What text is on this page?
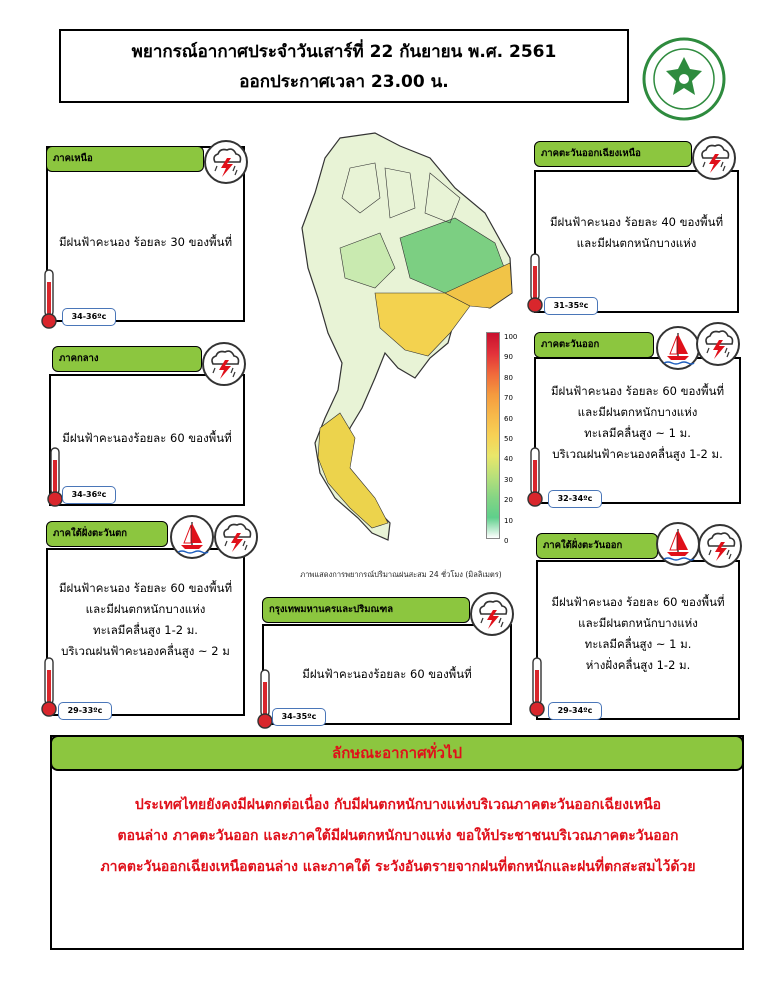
พยากรณ์อากาศประจำวันเสาร์ที่ 22 กันยายน พ.ศ. 2561
ออกประกาศเวลา 23.00 น.
100
90
80
70
60
50
40
30
20
10
0
ภาพแสดงการพยากรณ์ปริมาณฝนสะสม 24 ชั่วโมง (มิลลิเมตร)
มีฝนฟ้าคะนอง ร้อยละ 30 ของพื้นที่
ภาคเหนือ
มีฝนฟ้าคะนอง ร้อยละ 40 ของพื้นที่
และมีฝนตกหนักบางแห่ง
ภาคตะวันออกเฉียงเหนือ
มีฝนฟ้าคะนองร้อยละ 60 ของพื้นที่
ภาคกลาง
มีฝนฟ้าคะนอง ร้อยละ 60 ของพื้นที่
และมีฝนตกหนักบางแห่ง
ทะเลมีคลื่นสูง ~ 1 ม.
บริเวณฝนฟ้าคะนองคลื่นสูง 1-2 ม.
ภาคตะวันออก
มีฝนฟ้าคะนอง ร้อยละ 60 ของพื้นที่
และมีฝนตกหนักบางแห่ง
ทะเลมีคลื่นสูง 1-2 ม.
บริเวณฝนฟ้าคะนองคลื่นสูง ~ 2 ม
ภาคใต้ฝั่งตะวันตก
มีฝนฟ้าคะนองร้อยละ 60 ของพื้นที่
กรุงเทพมหานครและปริมณฑล
มีฝนฟ้าคะนอง ร้อยละ 60 ของพื้นที่
และมีฝนตกหนักบางแห่ง
ทะเลมีคลื่นสูง ~ 1 ม.
ห่างฝั่งคลื่นสูง 1-2 ม.
ภาคใต้ฝั่งตะวันออก
34-36ºc
31-35ºc
34-36ºc	32-34ºc
29-33ºc
34-35ºc
29-34ºc
ลักษณะอากาศทั่วไป
ประเทศไทยยังคงมีฝนตกต่อเนื่อง กับมีฝนตกหนักบางแห่งบริเวณภาคตะวันออกเฉียงเหนือ
ตอนล่าง ภาคตะวันออก และภาคใต้มีฝนตกหนักบางแห่ง ขอให้ประชาชนบริเวณภาคตะวันออก
ภาคตะวันออกเฉียงเหนือตอนล่าง และภาคใต้ ระวังอันตรายจากฝนที่ตกหนักและฝนที่ตกสะสมไว้ด้วย
